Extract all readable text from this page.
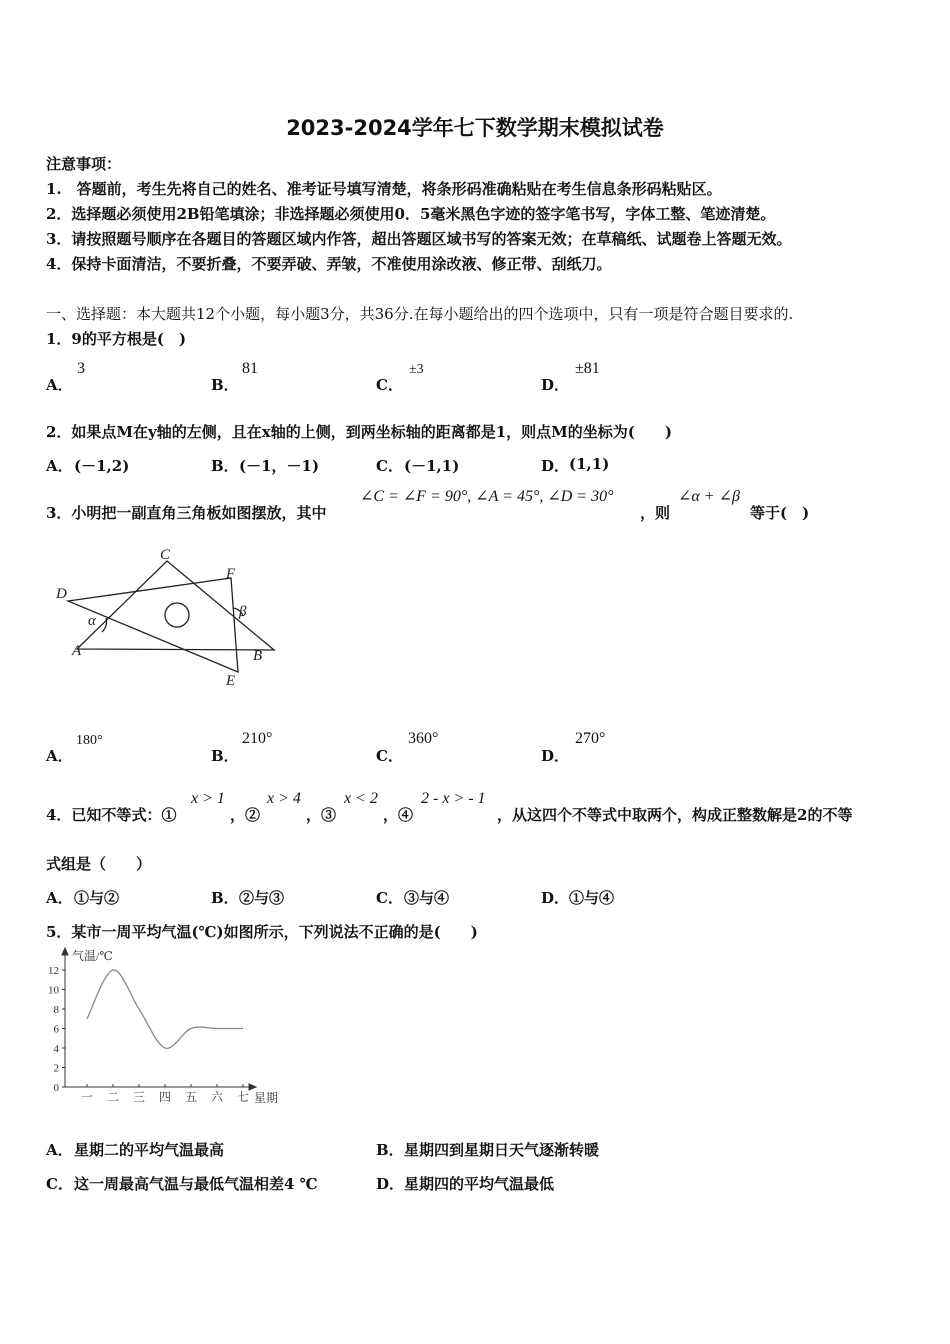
2023-2024学年七下数学期末模拟试卷
注意事项：
1.　答题前，考生先将自己的姓名、准考证号填写清楚，将条形码准确粘贴在考生信息条形码粘贴区。
2．选择题必须使用2B铅笔填涂；非选择题必须使用0．5毫米黑色字迹的签字笔书写，字体工整、笔迹清楚。
3．请按照题号顺序在各题目的答题区域内作答，超出答题区域书写的答案无效；在草稿纸、试题卷上答题无效。
4．保持卡面清洁，不要折叠，不要弄破、弄皱，不准使用涂改液、修正带、刮纸刀。
一、选择题：本大题共12个小题，每小题3分，共36分.在每小题给出的四个选项中，只有一项是符合题目要求的.
1．9的平方根是(　)
A．
3
B．
81
C．
±3
D．
±81
2．如果点M在y轴的左侧，且在x轴的上侧，到两坐标轴的距离都是1，则点M的坐标为(　　)
A． (－1,2)	B． (－1，－1)	C． (－1,1)	D． (1,1)
3．小明把一副直角三角板如图摆放，其中
∠C = ∠F = 90°, ∠A = 45°, ∠D = 30°
，则
∠α + ∠β
等于(　)
C
F
D
α
β
A	B
E
A．
180°
B．
210°
C．
360°
D．
270°
4．已知不等式：①
x > 1
，②
x > 4
，③
x < 2
，④
2 - x > - 1
，从这四个不等式中取两个，构成正整数解是2的不等
式组是（　　）
A． ①与②	B． ②与③	C． ③与④	D． ①与④
5．某市一周平均气温(℃)如图所示，下列说法不正确的是(　　)
气温/℃
星期
0
2
4
6
8
10
12
一 二 三 四 五 六 七
A． 星期二的平均气温最高	B． 星期四到星期日天气逐渐转暖
C． 这一周最高气温与最低气温相差4 ℃	D． 星期四的平均气温最低
